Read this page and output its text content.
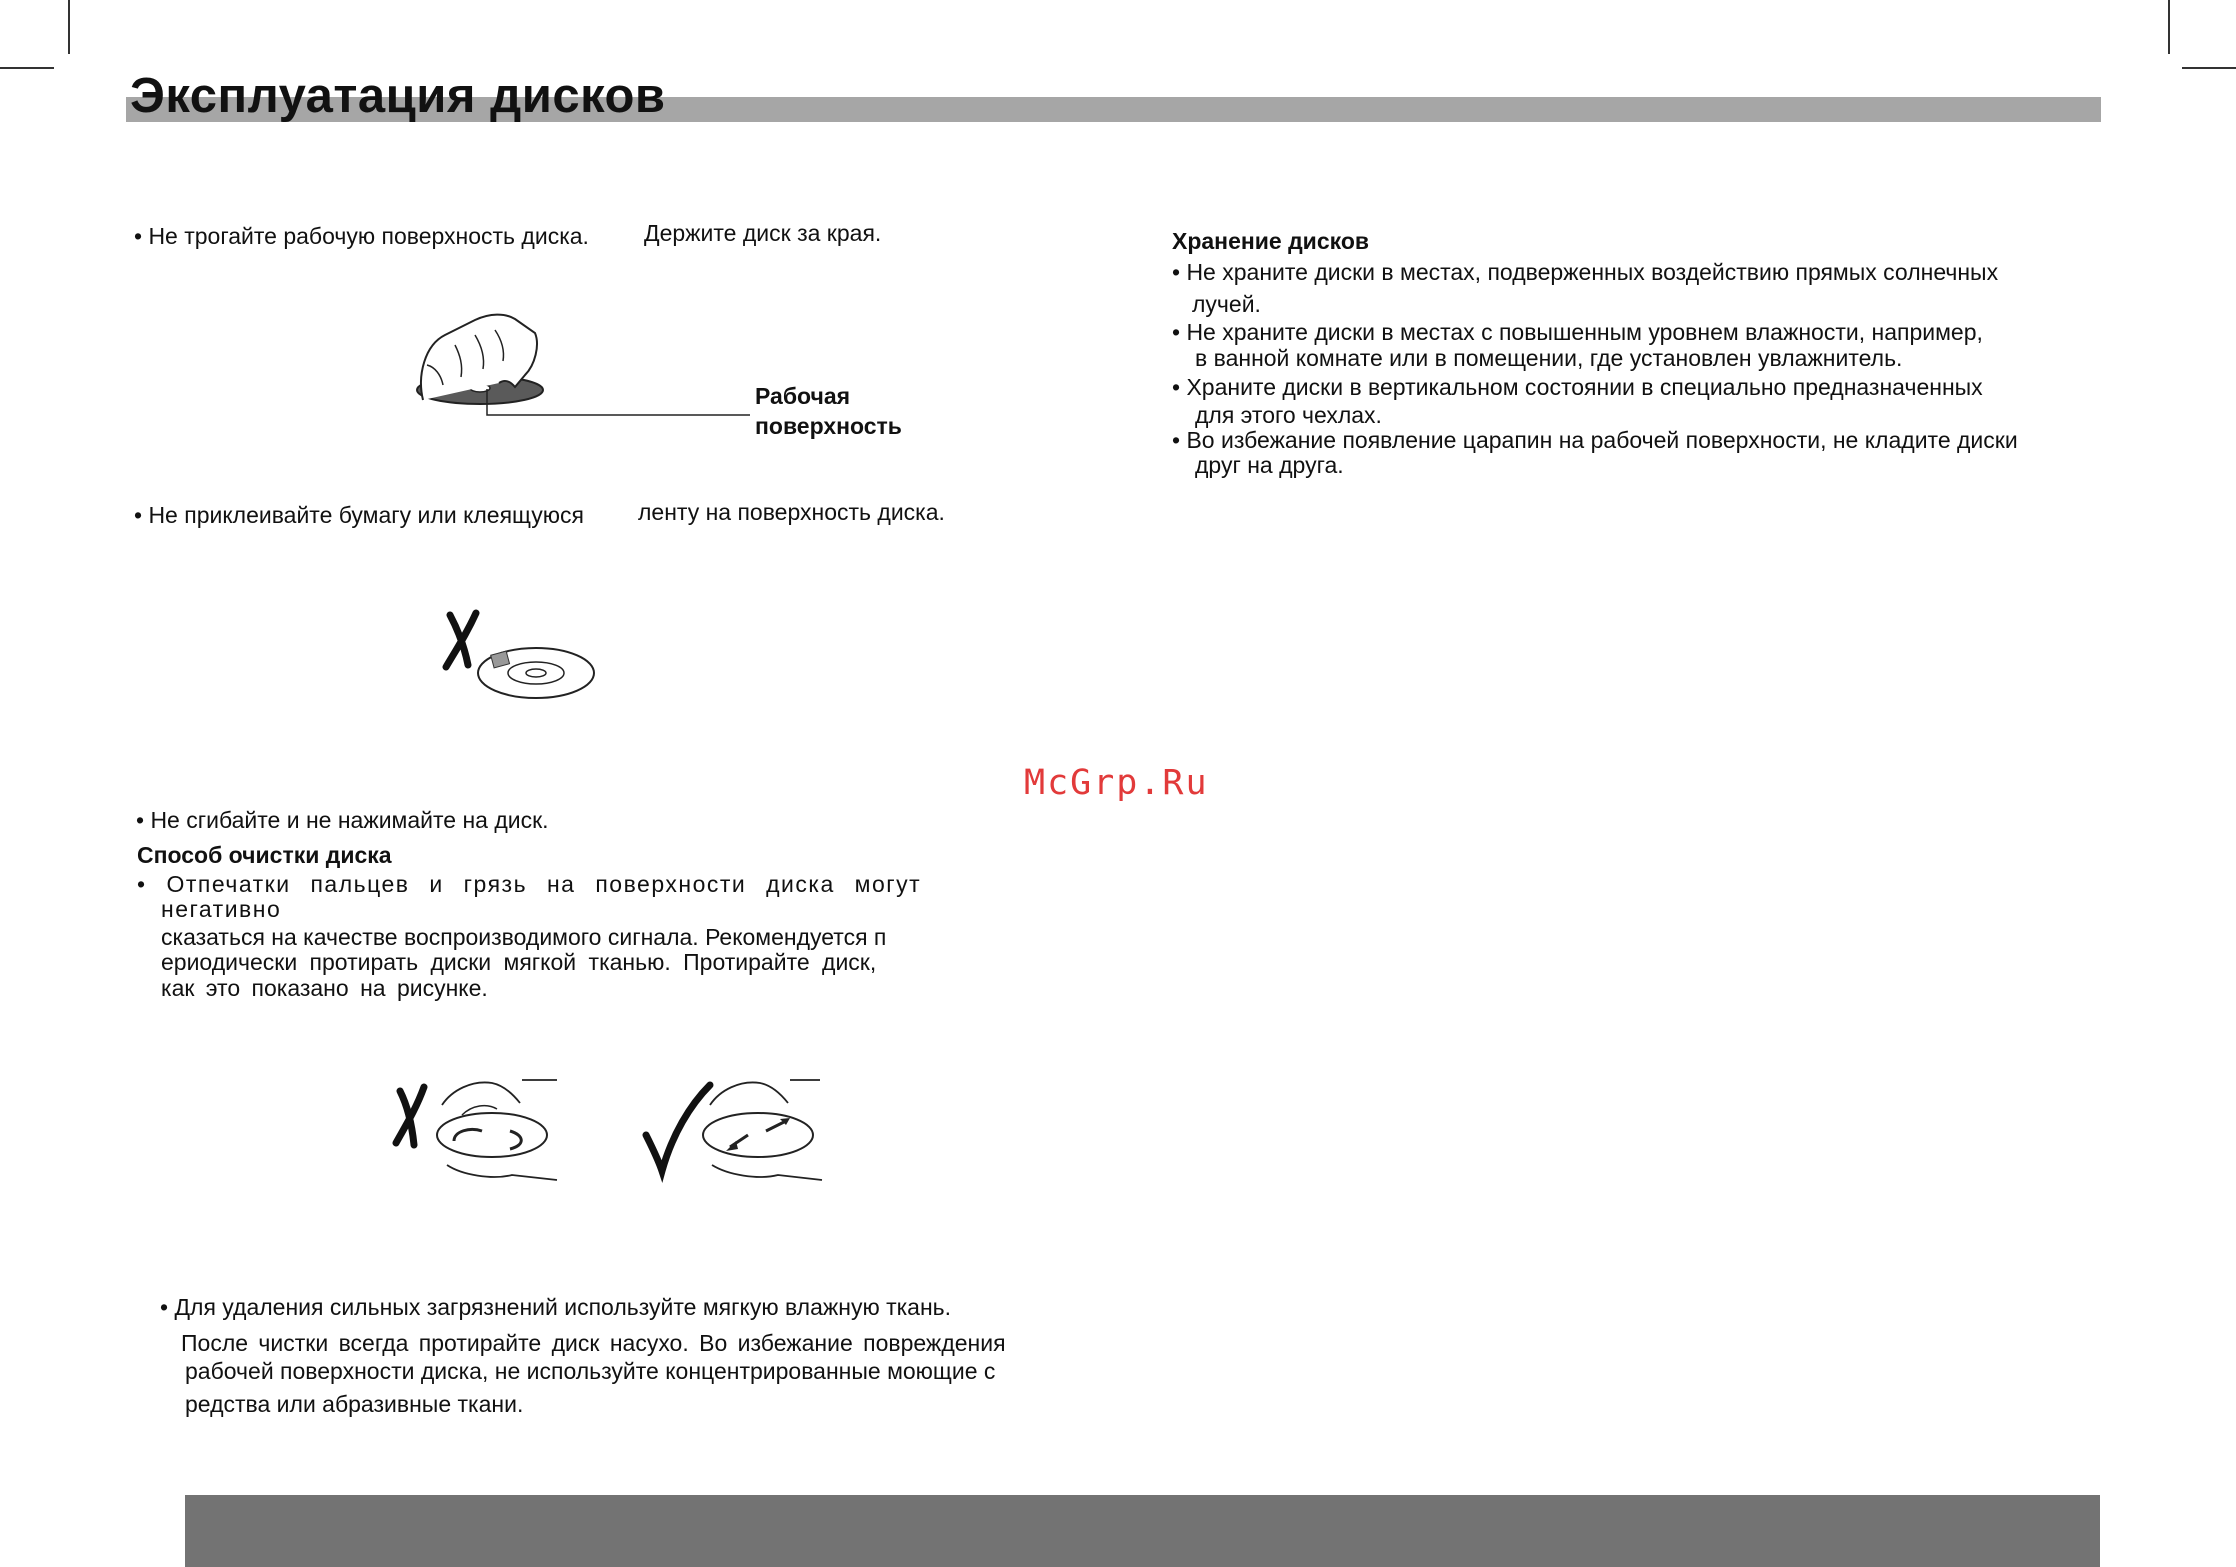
Эксплуатация дисков
• Не трогайте рабочую поверхность диска. Держите диск за края.
Рабочая
поверхность
• Не приклеивайте бумагу или клеящуюся ленту на поверхность диска.
• Не сгибайте и не нажимайте на диск.
Способ очистки диска
• Отпечатки пальцев и грязь на поверхности диска могут
негативно
сказаться на качестве воспроизводимого сигнала. Рекомендуется п
ериодически протирать диски мягкой тканью. Протирайте диск,
как это показано на рисунке.
• Для удаления сильных загрязнений используйте мягкую влажную ткань.
После чистки всегда протирайте диск насухо. Во избежание повреждения
рабочей поверхности диска, не используйте концентрированные моющие с
редства или абразивные ткани.
Хранение дисков
• Не храните диски в местах, подверженных воздействию прямых солнечных
лучей.
• Не храните диски в местах с повышенным уровнем влажности, например,
в ванной комнате или в помещении, где установлен увлажнитель.
• Храните диски в вертикальном состоянии в специально предназначенных
для этого чехлах.
• Во избежание появление царапин на рабочей поверхности, не кладите диски
друг на друга.
McGrp.Ru
